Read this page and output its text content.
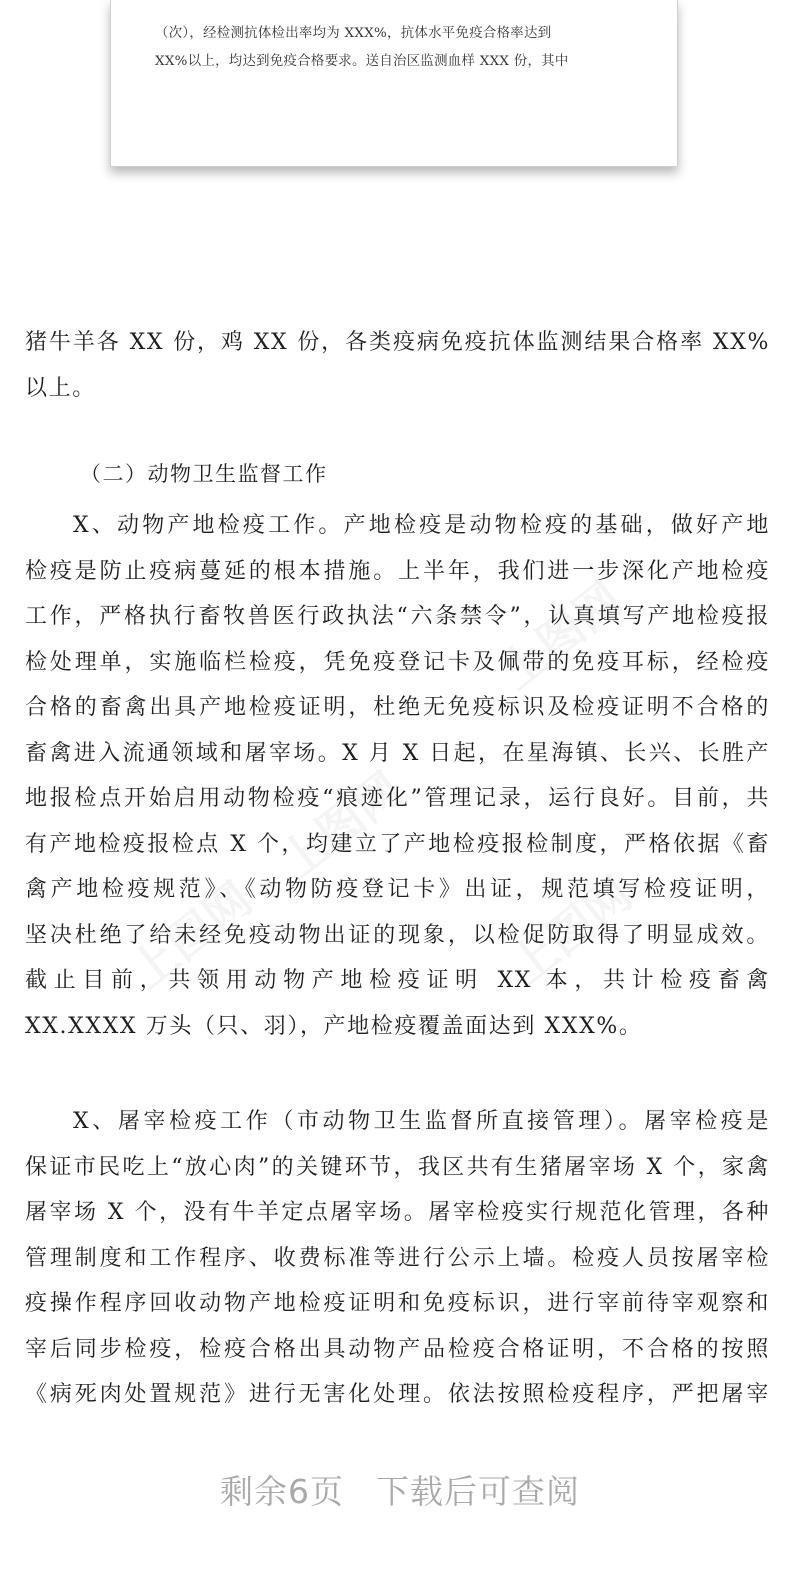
（次），经检测抗体检出率均为 XXX%，抗体水平免疫合格率达到
XX%以上，均达到免疫合格要求。送自治区监测血样 XXX 份，其中
上图网
上图网
上图网	上图网
猪牛羊各 XX 份，鸡 XX 份，各类疫病免疫抗体监测结果合格率 XX%
以上。
（二）动物卫生监督工作
X、动物产地检疫工作。产地检疫是动物检疫的基础，做好产地
检疫是防止疫病蔓延的根本措施。上半年，我们进一步深化产地检疫
工作，严格执行畜牧兽医行政执法“六条禁令”，认真填写产地检疫报
检处理单，实施临栏检疫，凭免疫登记卡及佩带的免疫耳标，经检疫
合格的畜禽出具产地检疫证明，杜绝无免疫标识及检疫证明不合格的
畜禽进入流通领域和屠宰场。X 月 X 日起，在星海镇、长兴、长胜产
地报检点开始启用动物检疫“痕迹化”管理记录，运行良好。目前，共
有产地检疫报检点 X 个，均建立了产地检疫报检制度，严格依据《畜
禽产地检疫规范》、《动物防疫登记卡》出证，规范填写检疫证明，
坚决杜绝了给未经免疫动物出证的现象，以检促防取得了明显成效。
截止目前，共领用动物产地检疫证明 XX 本，共计检疫畜禽
XX.XXXX 万头（只、羽），产地检疫覆盖面达到 XXX%。
X、屠宰检疫工作（市动物卫生监督所直接管理）。屠宰检疫是
保证市民吃上“放心肉”的关键环节，我区共有生猪屠宰场 X 个，家禽
屠宰场 X 个，没有牛羊定点屠宰场。屠宰检疫实行规范化管理，各种
管理制度和工作程序、收费标准等进行公示上墙。检疫人员按屠宰检
疫操作程序回收动物产地检疫证明和免疫标识，进行宰前待宰观察和
宰后同步检疫，检疫合格出具动物产品检疫合格证明，不合格的按照
《病死肉处置规范》进行无害化处理。依法按照检疫程序，严把屠宰
剩余6页 下载后可查阅
